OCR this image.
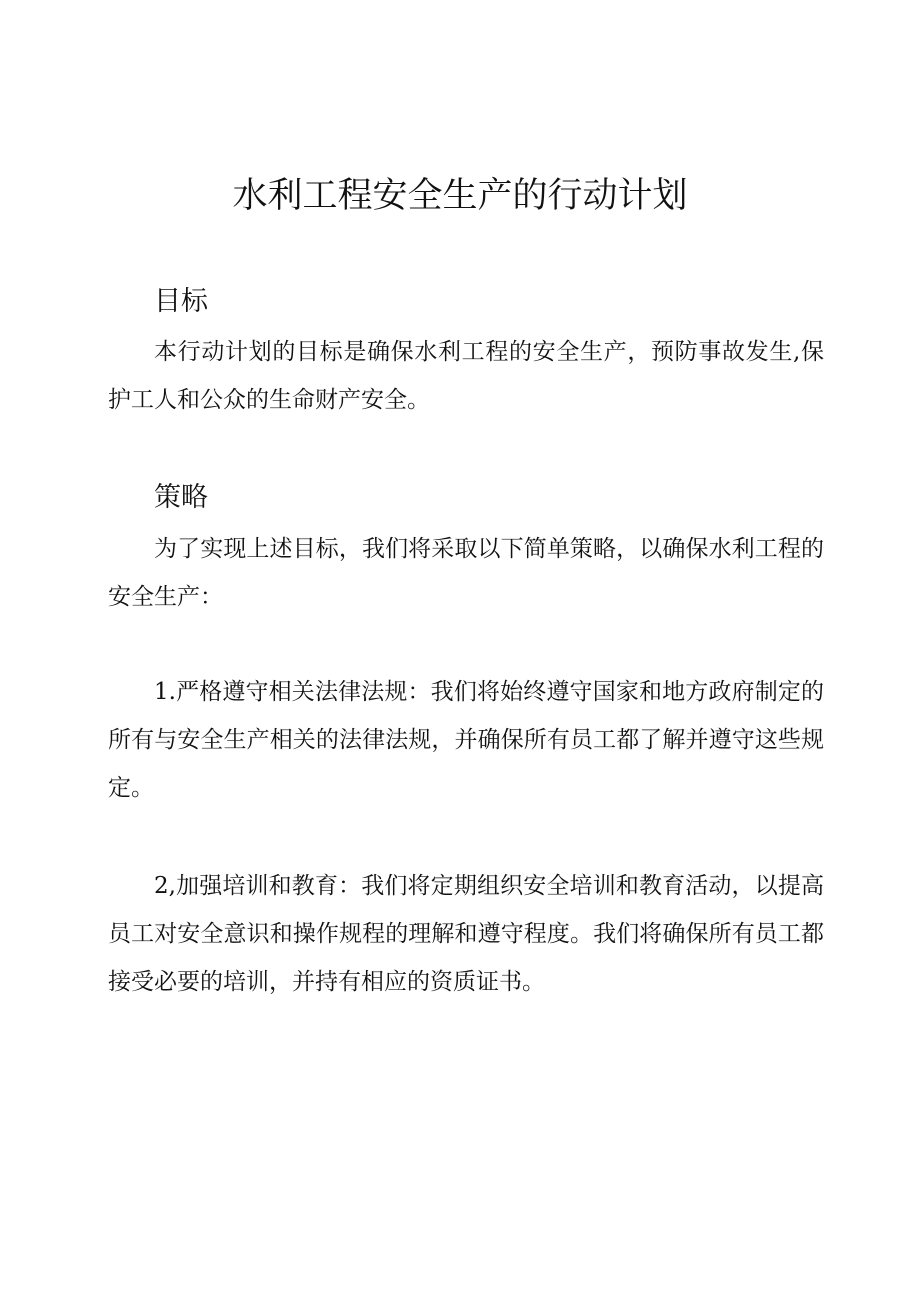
水利工程安全生产的行动计划
目标

本行动计划的目标是确保水利工程的安全生产，预防事故发生,保护工人和公众的生命财产安全。

策略

为了实现上述目标，我们将采取以下简单策略，以确保水利工程的安全生产：

1.严格遵守相关法律法规：我们将始终遵守国家和地方政府制定的所有与安全生产相关的法律法规，并确保所有员工都了解并遵守这些规定。

2,加强培训和教育：我们将定期组织安全培训和教育活动，以提高员工对安全意识和操作规程的理解和遵守程度。我们将确保所有员工都接受必要的培训，并持有相应的资质证书。
